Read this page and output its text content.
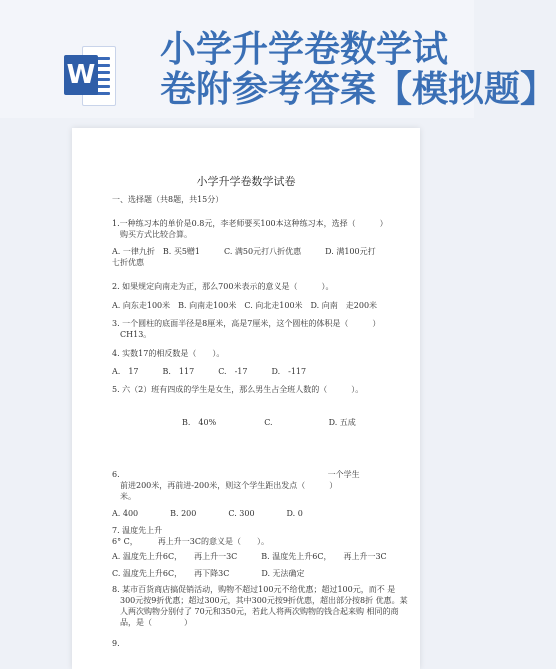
W
小学升学卷数学试
卷附参考答案【模拟题】
小学升学卷数学试卷
一、选择题（共8题，共15分）
1.一种练习本的单价是0.8元，李老师要买100本这种练习本，选择（　　　）
购买方式比较合算。
A. 一律九折　B. 买5赠1　　　C. 满50元打八折优惠　　　D. 满100元打
七折优惠
2. 如果规定向南走为正，那么700米表示的意义是（　　　）。
A. 向东走100米　B. 向南走100米　C. 向北走100米　D. 向南　走200米
3. 一个圆柱的底面半径是8厘米，高是7厘米，这个圆柱的体积是（　　　）
CH13。
4. 实数17的相反数是（　　）。
A.　17　　　B.　117　　　C.　-17　　　D.　-117
5. 六（2）班有四成的学生是女生，那么男生占全班人数的（　　　）。
B.　40%　　　　　　C.　　　　　　　D. 五成
6.　　　　　　　　　　　　　　　　　　　　　　　　　　一个学生
前进200米，再前进-200米，则这个学生距出发点（　　　）
米。
A. 400　　　　B. 200　　　　C. 300　　　　D. 0
7. 温度先上升
6° C，　　　再上升一3C的意义是（　　）。
A. 温度先上升6C，　　再上升一3C　　　B. 温度先上升6C，　　再上升一3C
C. 温度先上升6C，　　再下降3C　　　　D. 无法确定
8. 某市百货商店搞促销活动，购物不超过100元不给优惠；超过100元，而不 是
300元按9折优惠；超过300元，其中300元按9折优惠，超出部分按8折 优惠。某
人两次购物分别付了 70元和350元，若此人将两次购物的钱合起来购 相同的商
品，是（　　　　）
9.　　　　　　　　　　　　　　　　　　　　　　　　　　　　　　　　　
